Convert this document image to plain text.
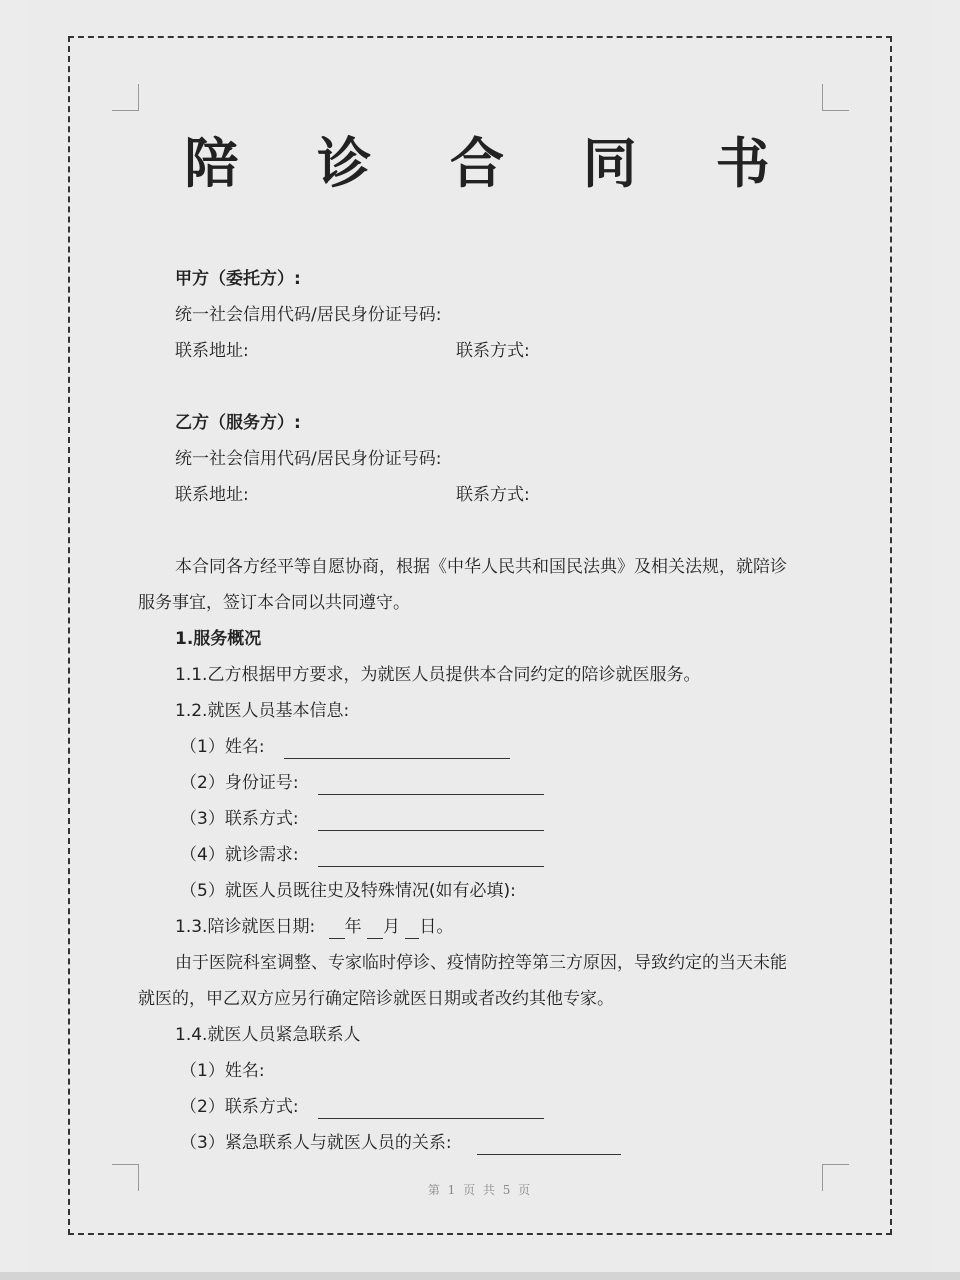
陪 诊 合 同 书
甲方（委托方）:
统一社会信用代码/居民身份证号码:
联系地址:	联系方式:
乙方（服务方）:
统一社会信用代码/居民身份证号码:
联系地址:	联系方式:
本合同各方经平等自愿协商，根据《中华人民共和国民法典》及相关法规，就陪诊
服务事宜，签订本合同以共同遵守。
1.服务概况
1.1.乙方根据甲方要求，为就医人员提供本合同约定的陪诊就医服务。
1.2.就医人员基本信息:
（1）姓名:
（2）身份证号:
（3）联系方式:
（4）就诊需求:
（5）就医人员既往史及特殊情况(如有必填):
1.3.陪诊就医日期: 年 月 日。
由于医院科室调整、专家临时停诊、疫情防控等第三方原因，导致约定的当天未能
就医的，甲乙双方应另行确定陪诊就医日期或者改约其他专家。
1.4.就医人员紧急联系人
（1）姓名:
（2）联系方式:
（3）紧急联系人与就医人员的关系:
第 1 页 共 5 页
